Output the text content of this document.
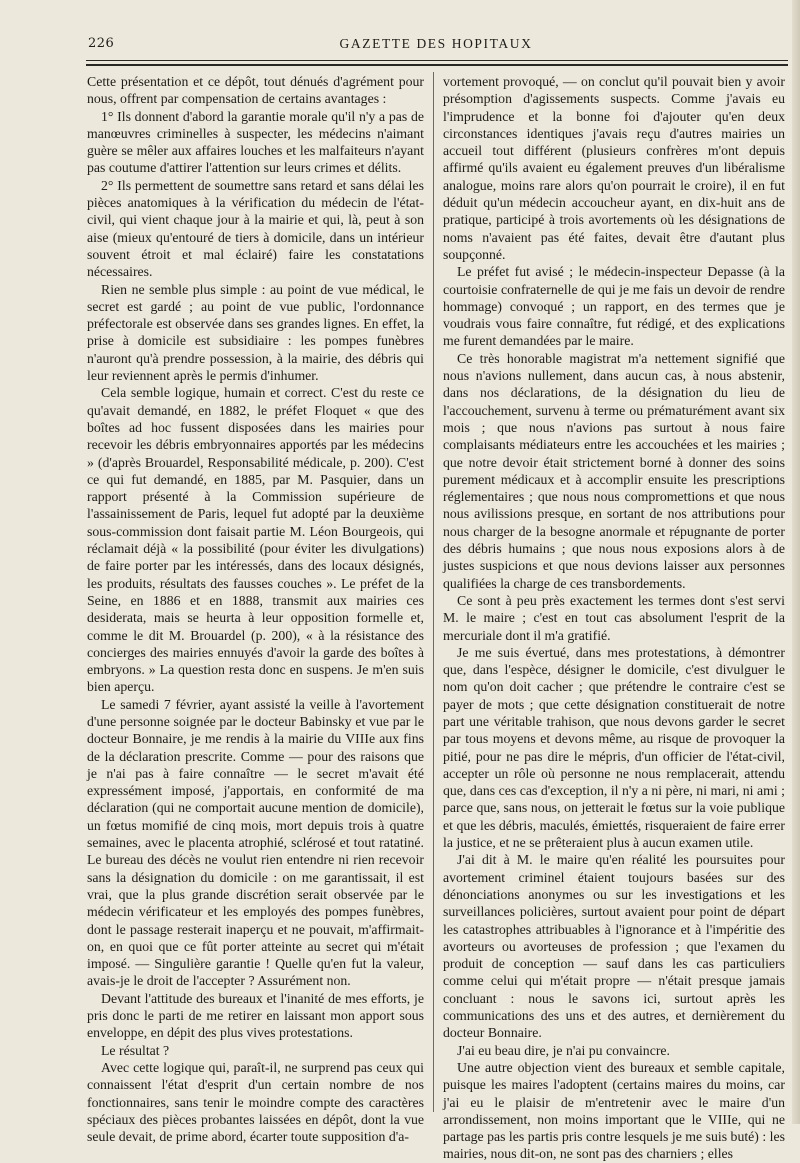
226	GAZETTE DES HOPITAUX

Cette présentation et ce dépôt, tout dénués d'agrément pour nous, offrent par compensation de certains avantages :

1° Ils donnent d'abord la garantie morale qu'il n'y a pas de manœuvres criminelles à suspecter, les médecins n'aimant guère se mêler aux affaires louches et les malfaiteurs n'ayant pas coutume d'attirer l'attention sur leurs crimes et délits.

2° Ils permettent de soumettre sans retard et sans délai les pièces anatomiques à la vérification du médecin de l'état-civil, qui vient chaque jour à la mairie et qui, là, peut à son aise (mieux qu'entouré de tiers à domicile, dans un intérieur souvent étroit et mal éclairé) faire les constatations nécessaires.

Rien ne semble plus simple : au point de vue médical, le secret est gardé ; au point de vue public, l'ordonnance préfectorale est observée dans ses grandes lignes. En effet, la prise à domicile est subsidiaire : les pompes funèbres n'auront qu'à prendre possession, à la mairie, des débris qui leur reviennent après le permis d'inhumer.

Cela semble logique, humain et correct. C'est du reste ce qu'avait demandé, en 1882, le préfet Floquet « que des boîtes ad hoc fussent disposées dans les mairies pour recevoir les débris embryonnaires apportés par les médecins » (d'après Brouardel, Responsabilité médicale, p. 200). C'est ce qui fut demandé, en 1885, par M. Pasquier, dans un rapport présenté à la Commission supérieure de l'assainissement de Paris, lequel fut adopté par la deuxième sous-commission dont faisait partie M. Léon Bourgeois, qui réclamait déjà « la possibilité (pour éviter les divulgations) de faire porter par les intéressés, dans des locaux désignés, les produits, résultats des fausses couches ». Le préfet de la Seine, en 1886 et en 1888, transmit aux mairies ces desiderata, mais se heurta à leur opposition formelle et, comme le dit M. Brouardel (p. 200), « à la résistance des concierges des mairies ennuyés d'avoir la garde des boîtes à embryons. » La question resta donc en suspens. Je m'en suis bien aperçu.

Le samedi 7 février, ayant assisté la veille à l'avortement d'une personne soignée par le docteur Babinsky et vue par le docteur Bonnaire, je me rendis à la mairie du VIIIe aux fins de la déclaration prescrite. Comme — pour des raisons que je n'ai pas à faire connaître — le secret m'avait été expressément imposé, j'apportais, en conformité de ma déclaration (qui ne comportait aucune mention de domicile), un fœtus momifié de cinq mois, mort depuis trois à quatre semaines, avec le placenta atrophié, sclérosé et tout ratatiné. Le bureau des décès ne voulut rien entendre ni rien recevoir sans la désignation du domicile : on me garantissait, il est vrai, que la plus grande discrétion serait observée par le médecin vérificateur et les employés des pompes funèbres, dont le passage resterait inaperçu et ne pouvait, m'affirmait-on, en quoi que ce fût porter atteinte au secret qui m'était imposé. — Singulière garantie ! Quelle qu'en fut la valeur, avais-je le droit de l'accepter ? Assurément non.

Devant l'attitude des bureaux et l'inanité de mes efforts, je pris donc le parti de me retirer en laissant mon apport sous enveloppe, en dépit des plus vives protestations.

Le résultat ?

Avec cette logique qui, paraît-il, ne surprend pas ceux qui connaissent l'état d'esprit d'un certain nombre de nos fonctionnaires, sans tenir le moindre compte des caractères spéciaux des pièces probantes laissées en dépôt, dont la vue seule devait, de prime abord, écarter toute supposition d'a-

vortement provoqué, — on conclut qu'il pouvait bien y avoir présomption d'agissements suspects. Comme j'avais eu l'imprudence et la bonne foi d'ajouter qu'en deux circonstances identiques j'avais reçu d'autres mairies un accueil tout différent (plusieurs confrères m'ont depuis affirmé qu'ils avaient eu également preuves d'un libéralisme analogue, moins rare alors qu'on pourrait le croire), il en fut déduit qu'un médecin accoucheur ayant, en dix-huit ans de pratique, participé à trois avortements où les désignations de noms n'avaient pas été faites, devait être d'autant plus soupçonné.

Le préfet fut avisé ; le médecin-inspecteur Depasse (à la courtoisie confraternelle de qui je me fais un devoir de rendre hommage) convoqué ; un rapport, en des termes que je voudrais vous faire connaître, fut rédigé, et des explications me furent demandées par le maire.

Ce très honorable magistrat m'a nettement signifié que nous n'avions nullement, dans aucun cas, à nous abstenir, dans nos déclarations, de la désignation du lieu de l'accouchement, survenu à terme ou prématurément avant six mois ; que nous n'avions pas surtout à nous faire complaisants médiateurs entre les accouchées et les mairies ; que notre devoir était strictement borné à donner des soins purement médicaux et à accomplir ensuite les prescriptions réglementaires ; que nous nous compromettions et que nous nous avilissions presque, en sortant de nos attributions pour nous charger de la besogne anormale et répugnante de porter des débris humains ; que nous nous exposions alors à de justes suspicions et que nous devions laisser aux personnes qualifiées la charge de ces transbordements.

Ce sont à peu près exactement les termes dont s'est servi M. le maire ; c'est en tout cas absolument l'esprit de la mercuriale dont il m'a gratifié.

Je me suis évertué, dans mes protestations, à démontrer que, dans l'espèce, désigner le domicile, c'est divulguer le nom qu'on doit cacher ; que prétendre le contraire c'est se payer de mots ; que cette désignation constituerait de notre part une véritable trahison, que nous devons garder le secret par tous moyens et devons même, au risque de provoquer la pitié, pour ne pas dire le mépris, d'un officier de l'état-civil, accepter un rôle où personne ne nous remplacerait, attendu que, dans ces cas d'exception, il n'y a ni père, ni mari, ni ami ; parce que, sans nous, on jetterait le fœtus sur la voie publique et que les débris, maculés, émiettés, risqueraient de faire errer la justice, et ne se prêteraient plus à aucun examen utile.

J'ai dit à M. le maire qu'en réalité les poursuites pour avortement criminel étaient toujours basées sur des dénonciations anonymes ou sur les investigations et les surveillances policières, surtout avaient pour point de départ les catastrophes attribuables à l'ignorance et à l'impéritie des avorteurs ou avorteuses de profession ; que l'examen du produit de conception — sauf dans les cas particuliers comme celui qui m'était propre — n'était presque jamais concluant : nous le savons ici, surtout après les communications des uns et des autres, et dernièrement du docteur Bonnaire.

J'ai eu beau dire, je n'ai pu convaincre.

Une autre objection vient des bureaux et semble capitale, puisque les maires l'adoptent (certains maires du moins, car j'ai eu le plaisir de m'entretenir avec le maire d'un arrondissement, non moins important que le VIIIe, qui ne partage pas les partis pris contre lesquels je me suis buté) : les mairies, nous dit-on, ne sont pas des charniers ; elles
